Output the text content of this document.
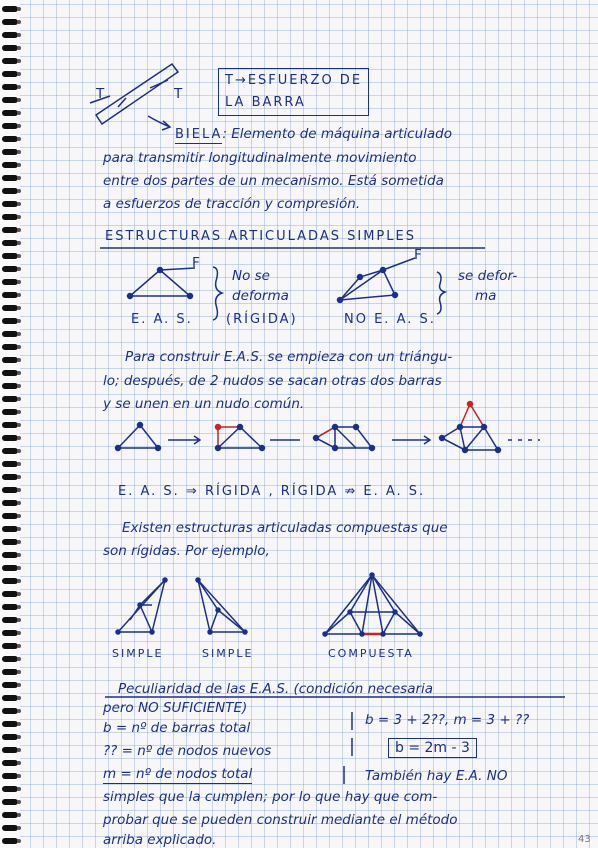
T→ESFUERZO DE
LA BARRA
T	T
BIELA: Elemento de máquina articulado
para transmitir longitudinalmente movimiento
entre dos partes de un mecanismo. Está sometida
a esfuerzos de tracción y compresión.
ESTRUCTURAS ARTICULADAS SIMPLES
F	F
No se
deforma
E. A. S.	(RÍGIDA)
se defor-
ma
NO E. A. S.
Para construir E.A.S. se empieza con un triángu-
lo; después, de 2 nudos se sacan otras dos barras
y se unen en un nudo común.
E. A. S. ⇒ RÍGIDA , RÍGIDA ⇏ E. A. S.
Existen estructuras articuladas compuestas que
son rígidas. Por ejemplo,
SIMPLE	SIMPLE	COMPUESTA
Peculiaridad de las E.A.S. (condición necesaria
pero NO SUFICIENTE)
b = nº de barras total	b = 3 + 2??, m = 3 + ??
?? = nº de nodos nuevos	b = 2m - 3
m = nº de nodos total	También hay E.A. NO
simples que la cumplen; por lo que hay que com-
probar que se pueden construir mediante el método
arriba explicado.	43
